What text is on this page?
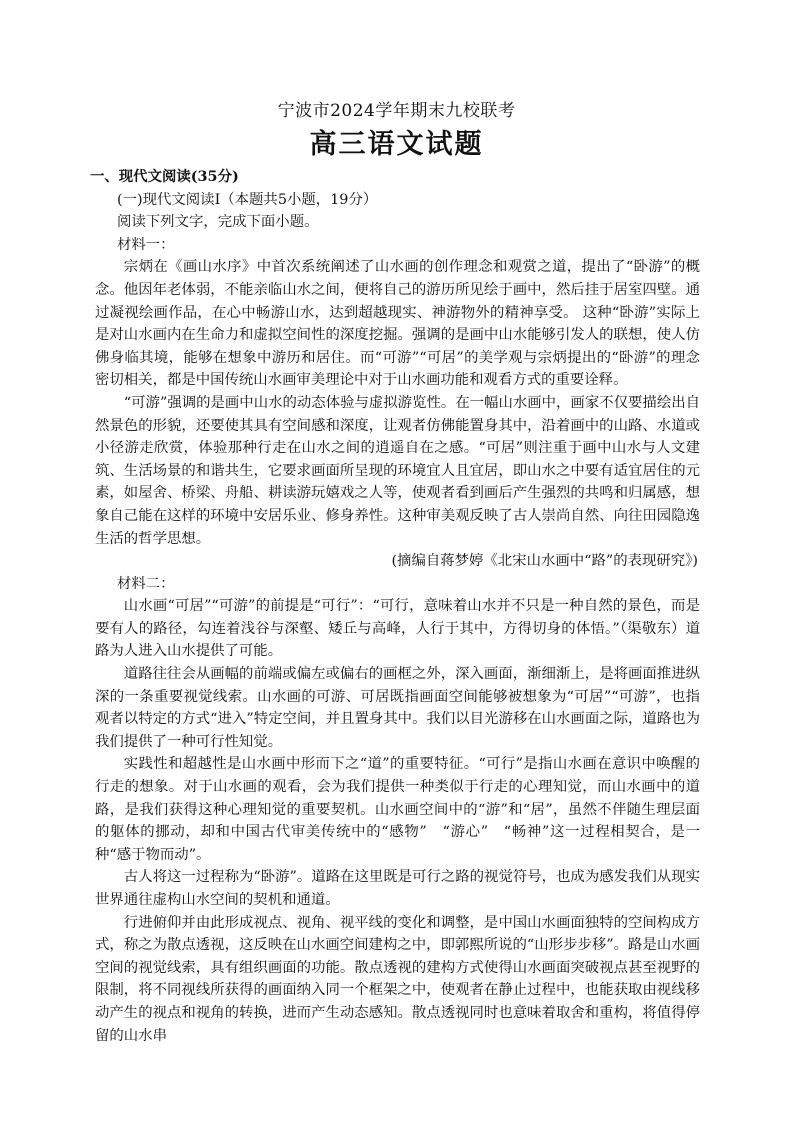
宁波市2024学年期末九校联考
高三语文试题

一、现代文阅读(35分)

(一)现代文阅读Ⅰ（本题共5小题，19分）

阅读下列文字，完成下面小题。

材料一：

宗炳在《画山水序》中首次系统阐述了山水画的创作理念和观赏之道，提出了“卧游”的概念。他因年老体弱，不能亲临山水之间，便将自己的游历所见绘于画中，然后挂于居室四壁。通过凝视绘画作品，在心中畅游山水，达到超越现实、神游物外的精神享受。 这种“卧游”实际上是对山水画内在生命力和虚拟空间性的深度挖掘。强调的是画中山水能够引发人的联想，使人仿佛身临其境，能够在想象中游历和居住。而“可游”“可居”的美学观与宗炳提出的“卧游”的理念密切相关，都是中国传统山水画审美理论中对于山水画功能和观看方式的重要诠释。

“可游”强调的是画中山水的动态体验与虚拟游览性。在一幅山水画中，画家不仅要描绘出自然景色的形貌，还要使其具有空间感和深度，让观者仿佛能置身其中，沿着画中的山路、水道或小径游走欣赏，体验那种行走在山水之间的逍遥自在之感。“可居”则注重于画中山水与人文建筑、生活场景的和谐共生，它要求画面所呈现的环境宜人且宜居，即山水之中要有适宜居住的元素，如屋舍、桥梁、舟船、耕读游玩嬉戏之人等，使观者看到画后产生强烈的共鸣和归属感，想象自己能在这样的环境中安居乐业、修身养性。这种审美观反映了古人崇尚自然、向往田园隐逸生活的哲学思想。

(摘编自蒋梦婷《北宋山水画中“路”的表现研究》)

材料二：

山水画“可居”“可游”的前提是“可行”：“可行，意味着山水并不只是一种自然的景色，而是要有人的路径，勾连着浅谷与深壑、矮丘与高峰，人行于其中，方得切身的体悟。”（渠敬东）道路为人进入山水提供了可能。

道路往往会从画幅的前端或偏左或偏右的画框之外，深入画面，渐细渐上，是将画面推进纵深的一条重要视觉线索。山水画的可游、可居既指画面空间能够被想象为“可居”“可游”，也指观者以特定的方式“进入”特定空间，并且置身其中。我们以目光游移在山水画面之际，道路也为我们提供了一种可行性知觉。

实践性和超越性是山水画中形而下之“道”的重要特征。“可行”是指山水画在意识中唤醒的行走的想象。对于山水画的观看，会为我们提供一种类似于行走的心理知觉，而山水画中的道路，是我们获得这种心理知觉的重要契机。山水画空间中的“游”和“居”，虽然不伴随生理层面的躯体的挪动，却和中国古代审美传统中的“感物”　“游心”　“畅神”这一过程相契合，是一种“感于物而动”。

古人将这一过程称为“卧游”。道路在这里既是可行之路的视觉符号，也成为感发我们从现实世界通往虚构山水空间的契机和通道。

行进俯仰并由此形成视点、视角、视平线的变化和调整，是中国山水画面独特的空间构成方式，称之为散点透视，这反映在山水画空间建构之中，即郭熙所说的“山形步步移”。路是山水画空间的视觉线索，具有组织画面的功能。散点透视的建构方式使得山水画面突破视点甚至视野的限制，将不同视线所获得的画面纳入同一个框架之中，使观者在静止过程中，也能获取由视线移动产生的视点和视角的转换，进而产生动态感知。散点透视同时也意味着取舍和重构，将值得停留的山水串
